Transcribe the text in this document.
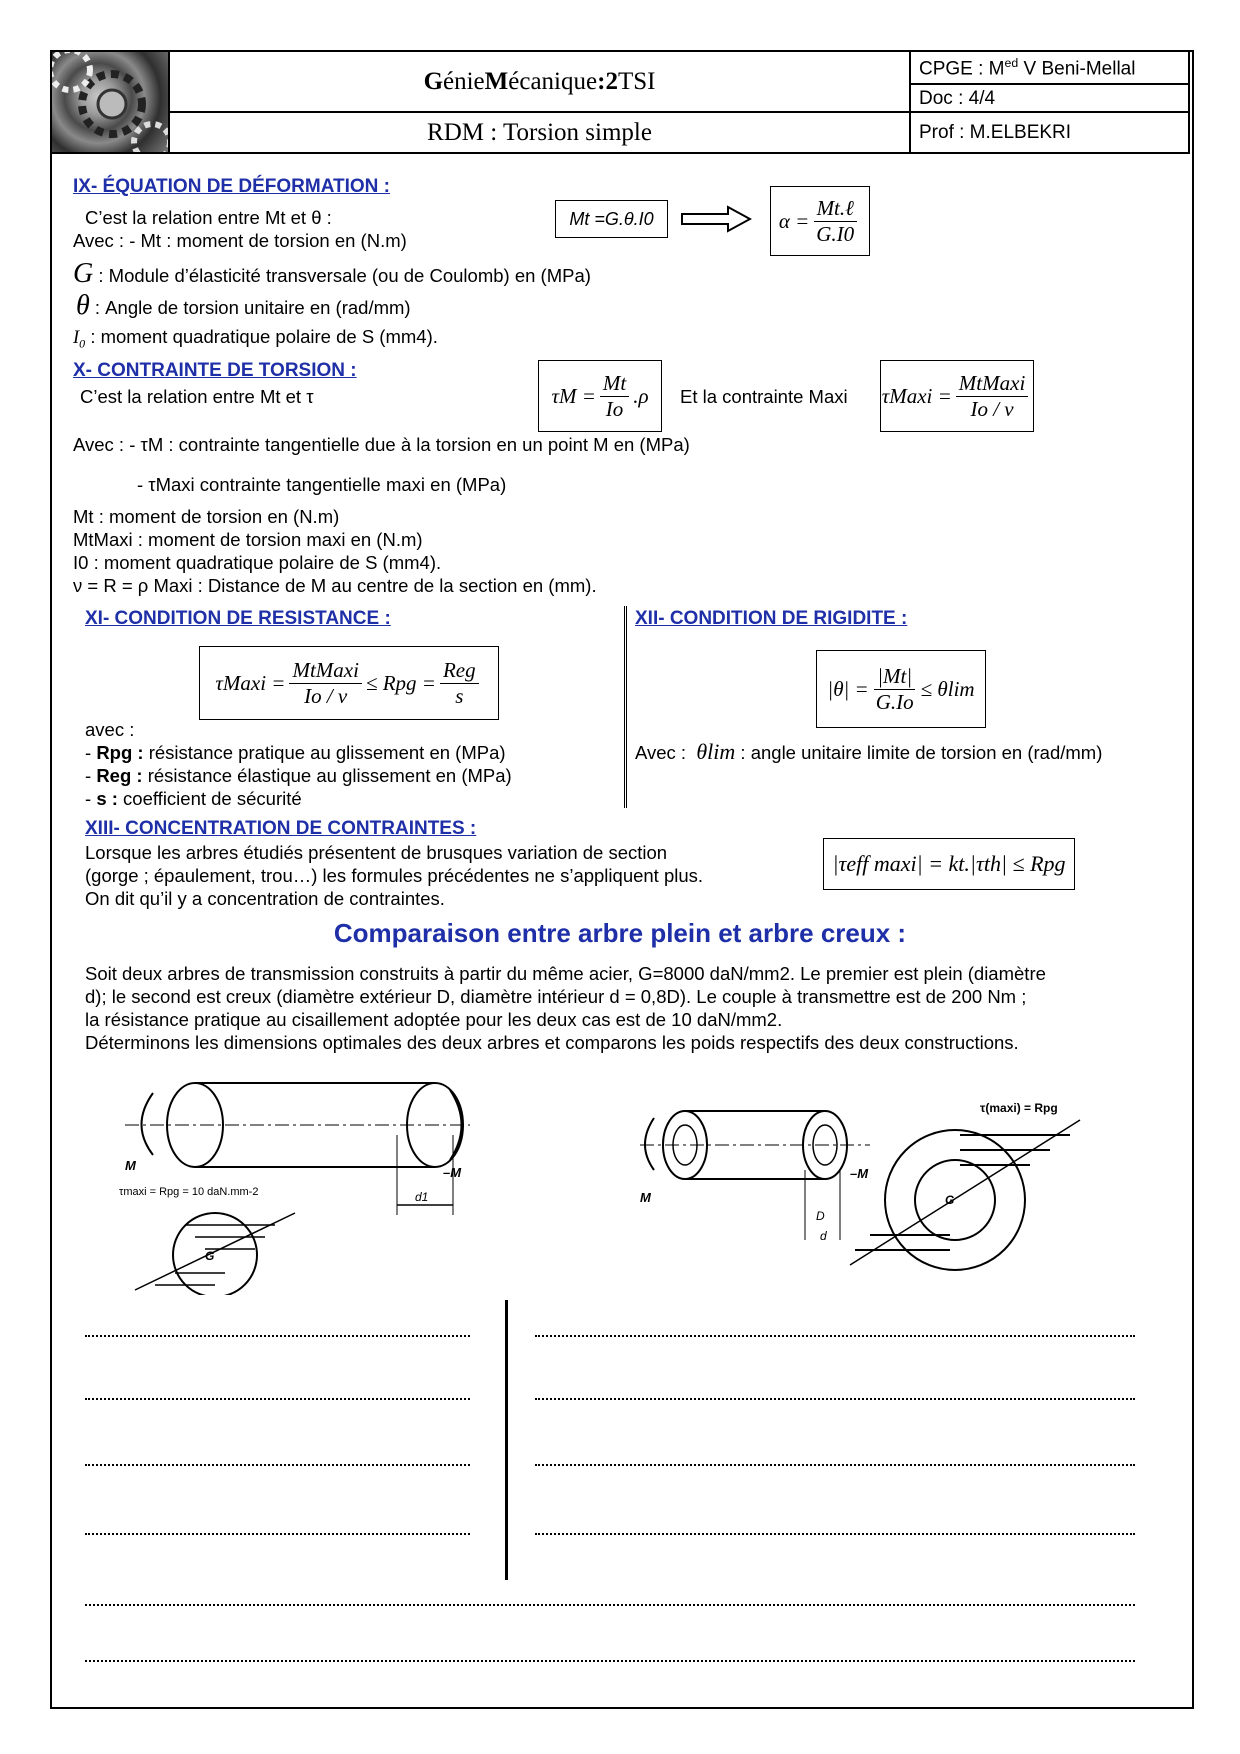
G énie M écanique : 2 TSI
RDM : Torsion simple
CPGE : $M^{ed}$ V Beni-Mellal
Doc : 4/4
Prof : M.ELBEKRI
IX- ÉQUATION DE DÉFORMATION :
C’est la relation entre Mt et θ :
Avec : - Mt : moment de torsion en (N.m)
G : Module d’élasticité transversale (ou de Coulomb) en (MPa)
θ : Angle de torsion unitaire en (rad/mm)
$I_0$ : moment quadratique polaire de S (mm4).
Mt =G.θ.I0	$\alpha = \frac{\text{Mt.ℓ}}{G.I0}$
X- CONTRAINTE DE TORSION :
C’est la relation entre Mt et τ	$\tau M = \frac{Mt}{Io} .\rho$ Et la contrainte Maxi τMaxi = $\frac{\text{MtMaxi}}{Io / \nu}$
Avec : - τM : contrainte tangentielle due à la torsion en un point M en (MPa)
- τMaxi contrainte tangentielle maxi en (MPa)
Mt : moment de torsion en (N.m)
MtMaxi : moment de torsion maxi en (N.m)
I0 : moment quadratique polaire de S (mm4).
ν = R = ρ Maxi : Distance de M au centre de la section en (mm).
XI- CONDITION DE RESISTANCE :
τMaxi = $\frac{\text{MtMaxi}}{Io / \nu}$ ≤ Rpg = $\frac{\text{Reg}}{s}$
avec :
- Rpg : résistance pratique au glissement en (MPa)
- Reg : résistance élastique au glissement en (MPa)
- s : coefficient de sécurité
XII- CONDITION DE RIGIDITE :
$|\theta| = \frac{|Mt|}{G.Io} \le \theta\lim$
Avec : θlim : angle unitaire limite de torsion en (rad/mm)
XIII- CONCENTRATION DE CONTRAINTES :
Lorsque les arbres étudiés présentent de brusques variation de section
(gorge ; épaulement, trou…) les formules précédentes ne s’appliquent plus.
On dit qu’il y a concentration de contraintes.
|τeff maxi| = kt.|τth| ≤ Rpg
Comparaison entre arbre plein et arbre creux :
Soit deux arbres de transmission construits à partir du même acier, G=8000 daN/mm2. Le premier est plein (diamètre
d); le second est creux (diamètre extérieur D, diamètre intérieur d = 0,8D). Le couple à transmettre est de 200 Nm ;
la résistance pratique au cisaillement adoptée pour les deux cas est de 10 daN/mm2.
Déterminons les dimensions optimales des deux arbres et comparons les poids respectifs des deux constructions.
M	–M
τmaxi = Rpg = 10 daN.mm-2	d1
G
τ(maxi) = Rpg
M
–M
D
d
G
